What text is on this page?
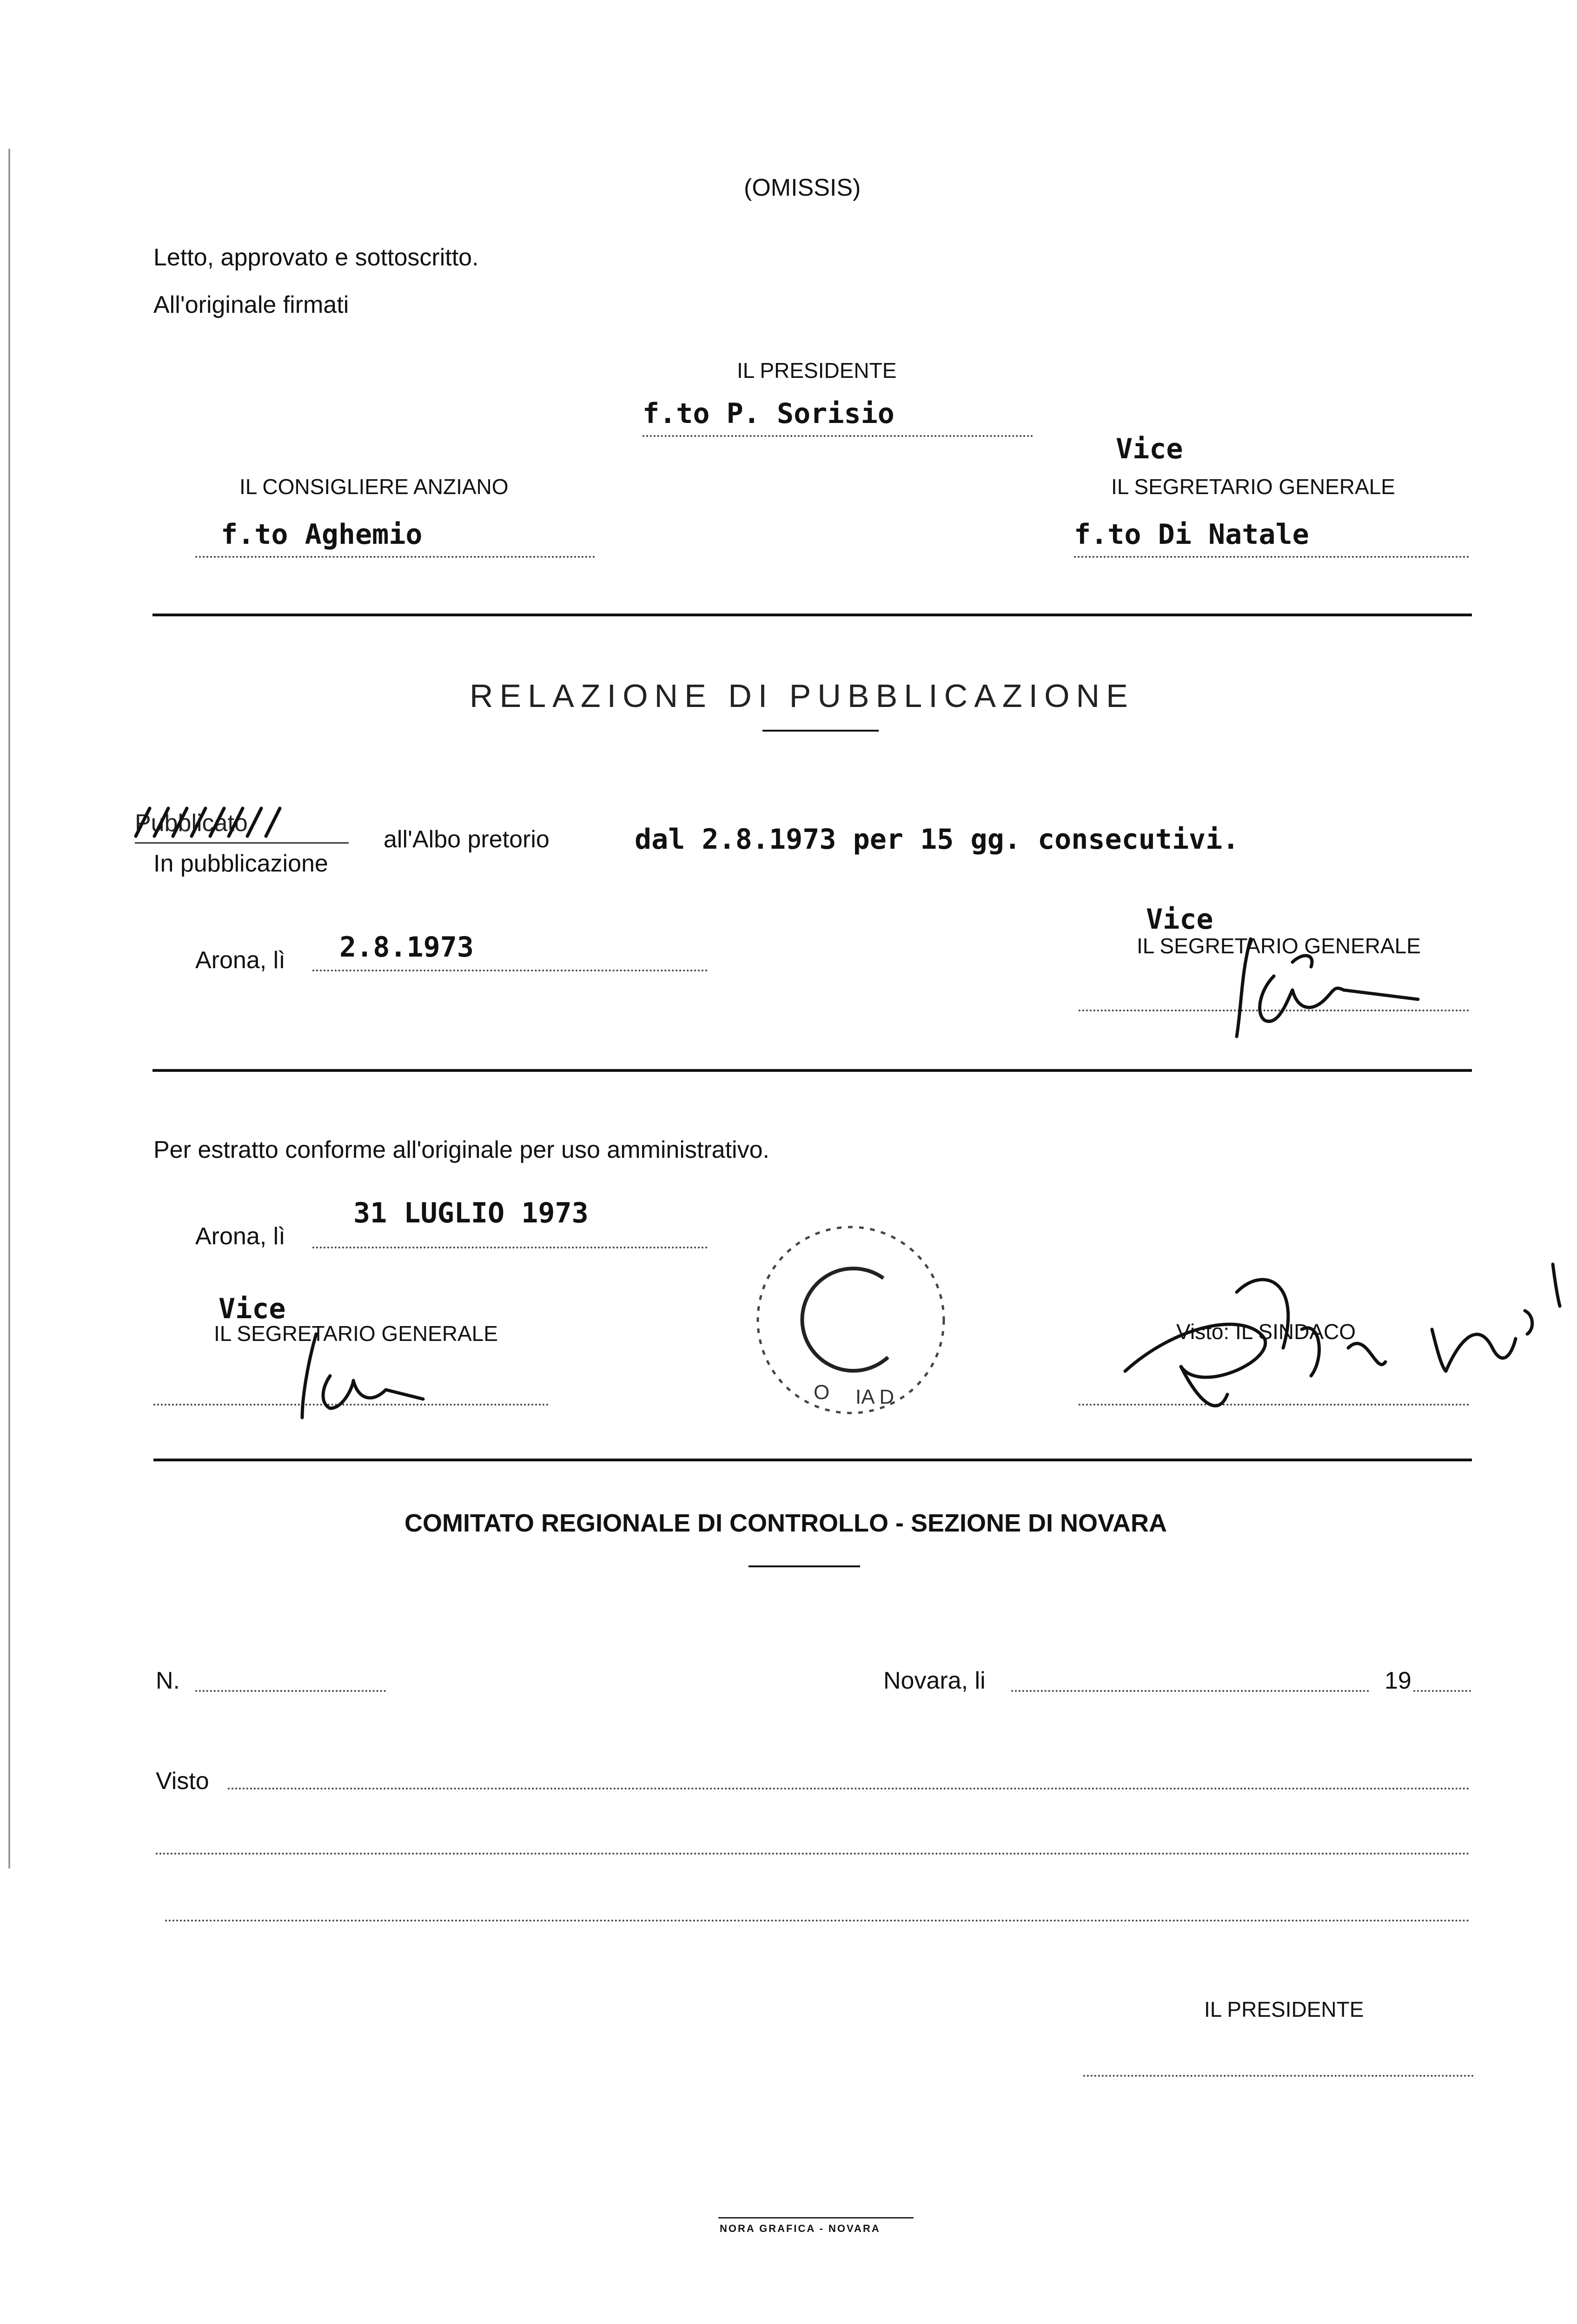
(OMISSIS)
Letto, approvato e sottoscritto.
All'originale firmati
IL PRESIDENTE
f.to P. Sorisio
IL CONSIGLIERE ANZIANO
f.to Aghemio
Vice
IL SEGRETARIO GENERALE
f.to Di Natale
RELAZIONE DI PUBBLICAZIONE
Pubblicato
In pubblicazione
all'Albo pretorio	dal 2.8.1973 per 15 gg. consecutivi.
Arona, lì 2.8.1973
Vice
IL SEGRETARIO GENERALE
Per estratto conforme all'originale per uso amministrativo.
Arona, lì
31 LUGLIO 1973
Vice
IL SEGRETARIO GENERALE
IA D
O
Visto: IL SINDACO
COMITATO REGIONALE DI CONTROLLO - SEZIONE DI NOVARA
N.	Novara, li	19
Visto
IL PRESIDENTE
NORA GRAFICA - NOVARA
